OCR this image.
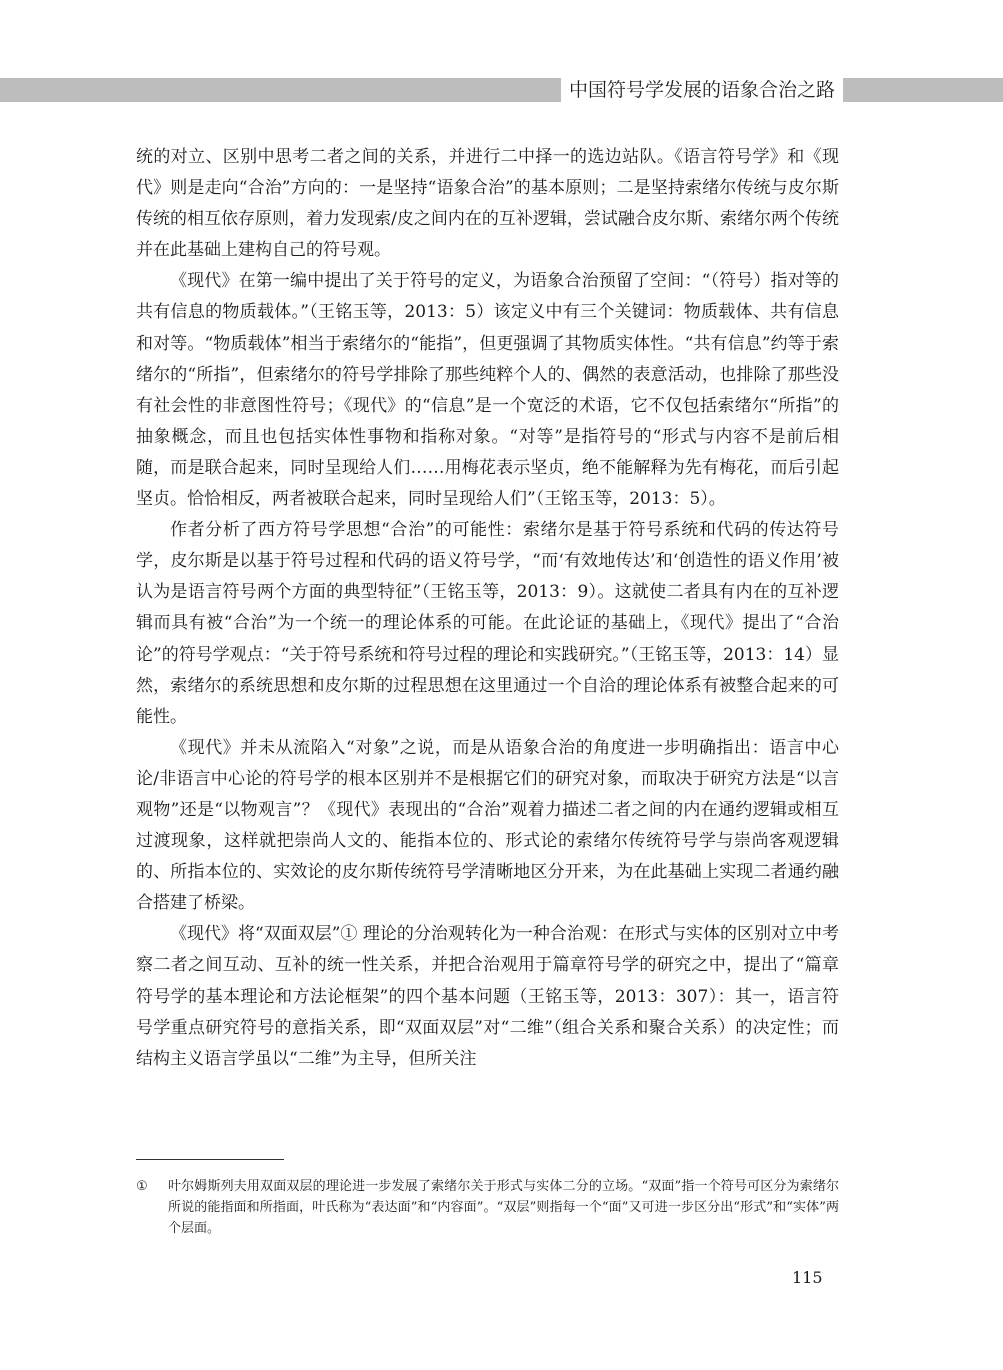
中国符号学发展的语象合治之路

统的对立、区别中思考二者之间的关系，并进行二中择一的选边站队。《语言符号学》和《现代》则是走向“合治”方向的：一是坚持“语象合治”的基本原则；二是坚持索绪尔传统与皮尔斯传统的相互依存原则，着力发现索/皮之间内在的互补逻辑，尝试融合皮尔斯、索绪尔两个传统并在此基础上建构自己的符号观。

《现代》在第一编中提出了关于符号的定义，为语象合治预留了空间：“（符号）指对等的共有信息的物质载体。”（王铭玉等，2013：5）该定义中有三个关键词：物质载体、共有信息和对等。“物质载体”相当于索绪尔的“能指”，但更强调了其物质实体性。“共有信息”约等于索绪尔的“所指”，但索绪尔的符号学排除了那些纯粹个人的、偶然的表意活动，也排除了那些没有社会性的非意图性符号；《现代》的“信息”是一个宽泛的术语，它不仅包括索绪尔“所指”的抽象概念，而且也包括实体性事物和指称对象。“对等”是指符号的“形式与内容不是前后相随，而是联合起来，同时呈现给人们……用梅花表示坚贞，绝不能解释为先有梅花，而后引起坚贞。恰恰相反，两者被联合起来，同时呈现给人们”（王铭玉等，2013：5）。

作者分析了西方符号学思想“合治”的可能性：索绪尔是基于符号系统和代码的传达符号学，皮尔斯是以基于符号过程和代码的语义符号学，“而‘有效地传达’和‘创造性的语义作用’被认为是语言符号两个方面的典型特征”（王铭玉等，2013：9）。这就使二者具有内在的互补逻辑而具有被“合治”为一个统一的理论体系的可能。在此论证的基础上，《现代》提出了“合治论”的符号学观点：“关于符号系统和符号过程的理论和实践研究。”（王铭玉等，2013：14）显然，索绪尔的系统思想和皮尔斯的过程思想在这里通过一个自洽的理论体系有被整合起来的可能性。

《现代》并未从流陷入“对象”之说，而是从语象合治的角度进一步明确指出：语言中心论/非语言中心论的符号学的根本区别并不是根据它们的研究对象，而取决于研究方法是“以言观物”还是“以物观言”？《现代》表现出的“合治”观着力描述二者之间的内在通约逻辑或相互过渡现象，这样就把崇尚人文的、能指本位的、形式论的索绪尔传统符号学与崇尚客观逻辑的、所指本位的、实效论的皮尔斯传统符号学清晰地区分开来，为在此基础上实现二者通约融合搭建了桥梁。

《现代》将“双面双层”① 理论的分治观转化为一种合治观：在形式与实体的区别对立中考察二者之间互动、互补的统一性关系，并把合治观用于篇章符号学的研究之中，提出了“篇章符号学的基本理论和方法论框架”的四个基本问题（王铭玉等，2013：307）：其一，语言符号学重点研究符号的意指关系，即“双面双层”对“二维”（组合关系和聚合关系）的决定性；而结构主义语言学虽以“二维”为主导，但所关注

①	叶尔姆斯列夫用双面双层的理论进一步发展了索绪尔关于形式与实体二分的立场。“双面”指一个符号可区分为索绪尔所说的能指面和所指面，叶氏称为“表达面”和“内容面”。“双层”则指每一个“面”又可进一步区分出“形式”和“实体”两个层面。
115
